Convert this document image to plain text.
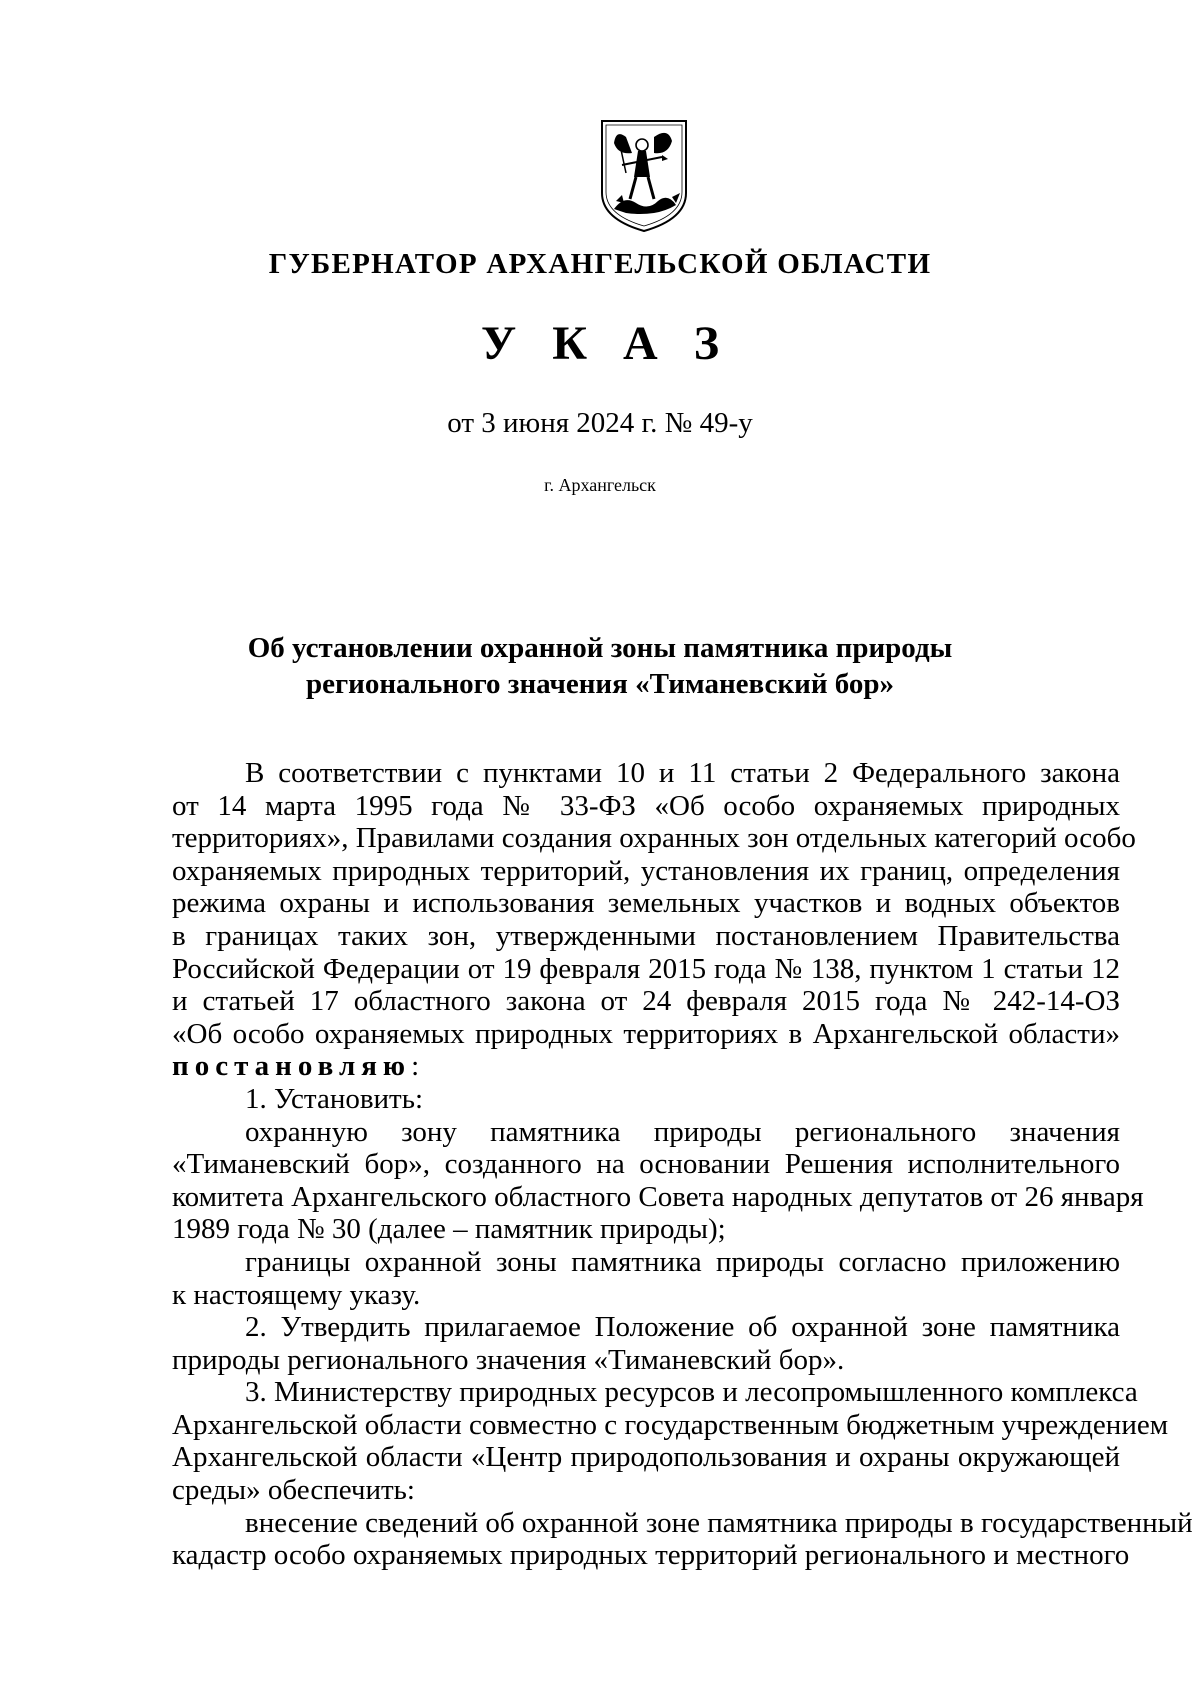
ГУБЕРНАТОР АРХАНГЕЛЬСКОЙ ОБЛАСТИ
У К А З
от 3 июня 2024 г. № 49-у
г. Архангельск
Об установлении охранной зоны памятника природы
регионального значения «Тиманевский бор»
В соответствии с пунктами 10 и 11 статьи 2 Федерального закона
от 14 марта 1995 года № 33-ФЗ «Об особо охраняемых природных
территориях», Правилами создания охранных зон отдельных категорий особо
охраняемых природных территорий, установления их границ, определения
режима охраны и использования земельных участков и водных объектов
в границах таких зон, утвержденными постановлением Правительства
Российской Федерации от 19 февраля 2015 года № 138, пунктом 1 статьи 12
и статьей 17 областного закона от 24 февраля 2015 года № 242-14-ОЗ
«Об особо охраняемых природных территориях в Архангельской области»
постановляю:
1. Установить:
охранную зону памятника природы регионального значения
«Тиманевский бор», созданного на основании Решения исполнительного
комитета Архангельского областного Совета народных депутатов от 26 января
1989 года № 30 (далее – памятник природы);
границы охранной зоны памятника природы согласно приложению
к настоящему указу.
2. Утвердить прилагаемое Положение об охранной зоне памятника
природы регионального значения «Тиманевский бор».
3. Министерству природных ресурсов и лесопромышленного комплекса
Архангельской области совместно с государственным бюджетным учреждением
Архангельской области «Центр природопользования и охраны окружающей
среды» обеспечить:
внесение сведений об охранной зоне памятника природы в государственный
кадастр особо охраняемых природных территорий регионального и местного
